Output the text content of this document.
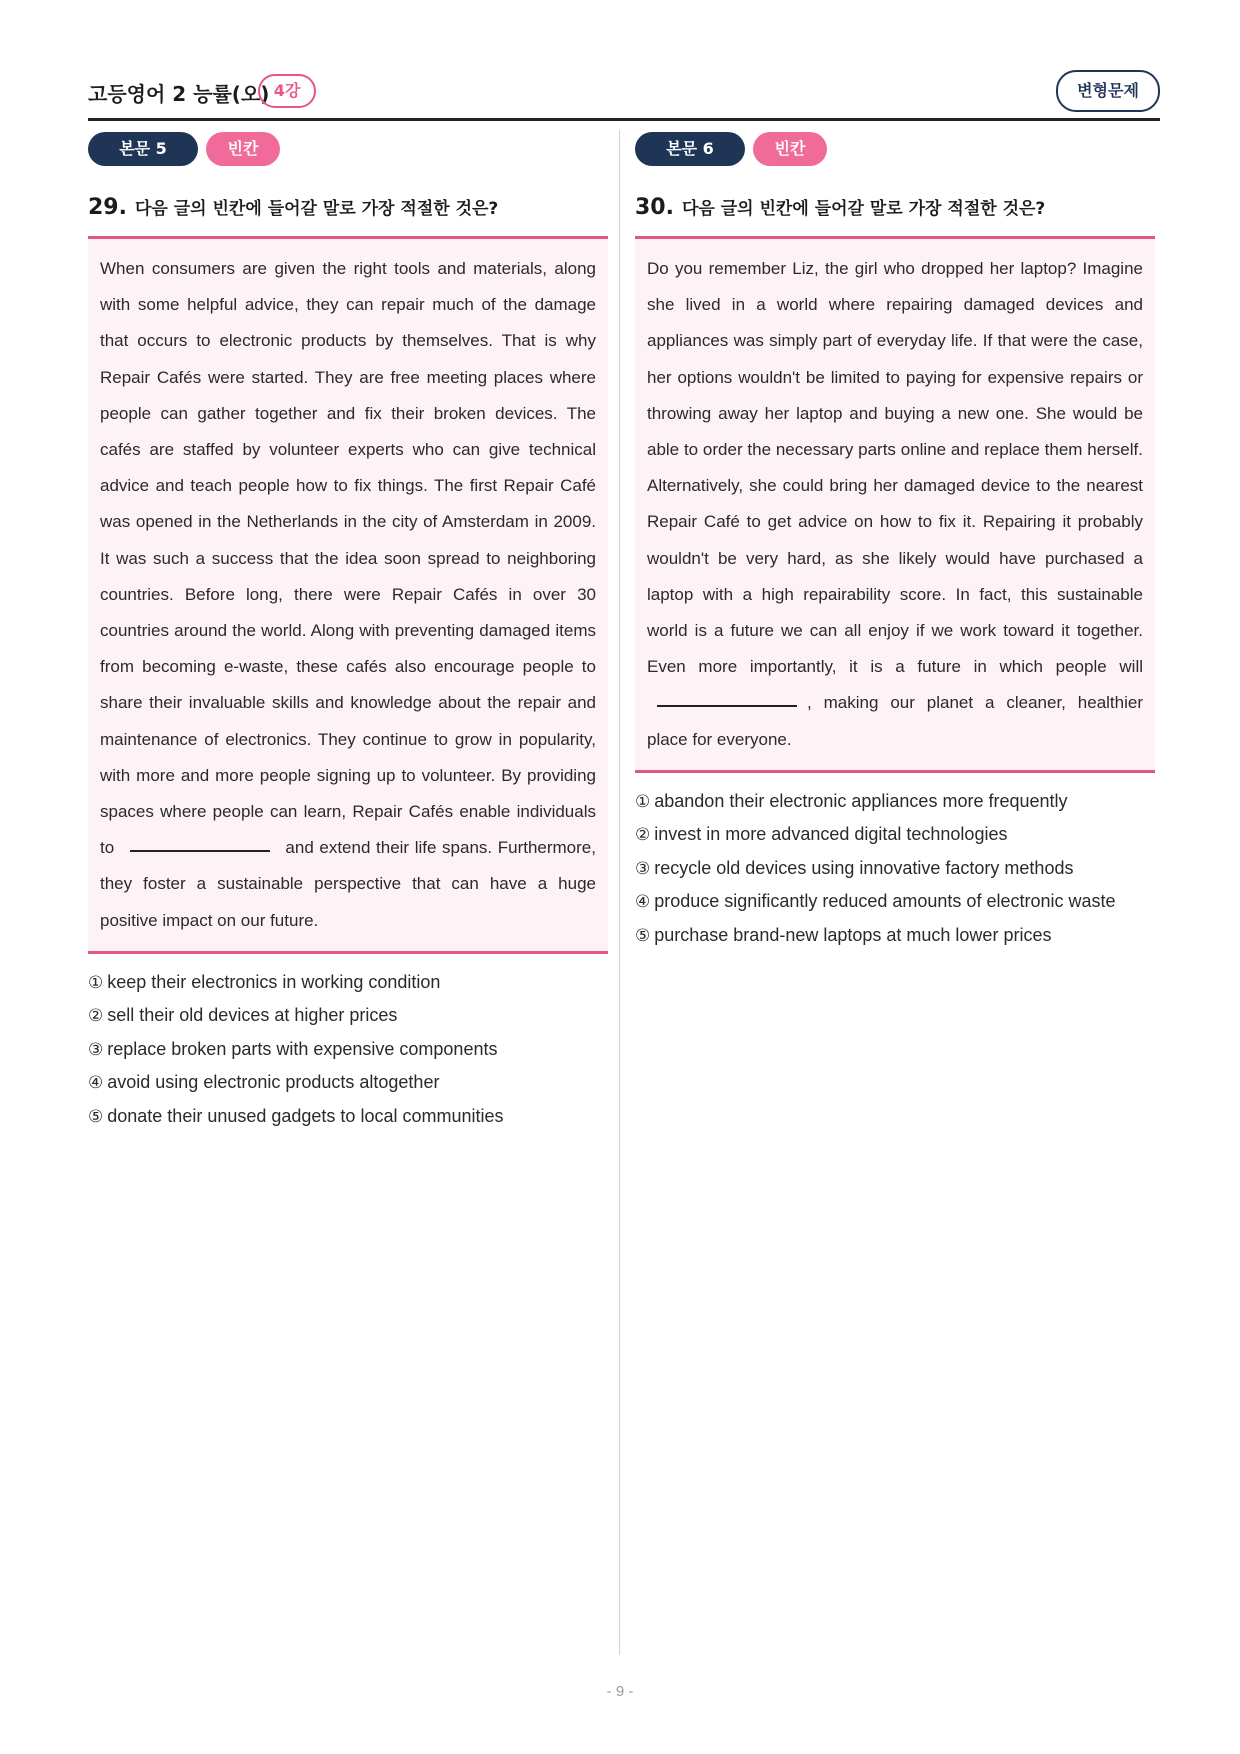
고등영어 2 능률(오) 4강	변형문제
본문 5	빈칸
29. 다음 글의 빈칸에 들어갈 말로 가장 적절한 것은?

When consumers are given the right tools and materials, along with some helpful advice, they can repair much of the damage that occurs to electronic products by themselves. That is why Repair Cafés were started. They are free meeting places where people can gather together and fix their broken devices. The cafés are staffed by volunteer experts who can give technical advice and teach people how to fix things. The first Repair Café was opened in the Netherlands in the city of Amsterdam in 2009. It was such a success that the idea soon spread to neighboring countries. Before long, there were Repair Cafés in over 30 countries around the world. Along with preventing damaged items from becoming e-waste, these cafés also encourage people to share their invaluable skills and knowledge about the repair and maintenance of electronics. They continue to grow in popularity, with more and more people signing up to volunteer. By providing spaces where people can learn, Repair Cafés enable individuals to	and extend their life spans. Furthermore, they foster a sustainable perspective that can have a huge positive impact on our future.

① keep their electronics in working condition
② sell their old devices at higher prices
③ replace broken parts with expensive components
④ avoid using electronic products altogether
⑤ donate their unused gadgets to local communities
본문 6	빈칸
30. 다음 글의 빈칸에 들어갈 말로 가장 적절한 것은?

Do you remember Liz, the girl who dropped her laptop? Imagine she lived in a world where repairing damaged devices and appliances was simply part of everyday life. If that were the case, her options wouldn't be limited to paying for expensive repairs or throwing away her laptop and buying a new one. She would be able to order the necessary parts online and replace them herself. Alternatively, she could bring her damaged device to the nearest Repair Café to get advice on how to fix it. Repairing it probably wouldn't be very hard, as she likely would have purchased a laptop with a high repairability score. In fact, this sustainable world is a future we can all enjoy if we work toward it together. Even more importantly, it is a future in which people will , making our planet a cleaner, healthier place for everyone.

① abandon their electronic appliances more frequently
② invest in more advanced digital technologies
③ recycle old devices using innovative factory methods
④ produce significantly reduced amounts of electronic waste
⑤ purchase brand-new laptops at much lower prices
- 9 -
